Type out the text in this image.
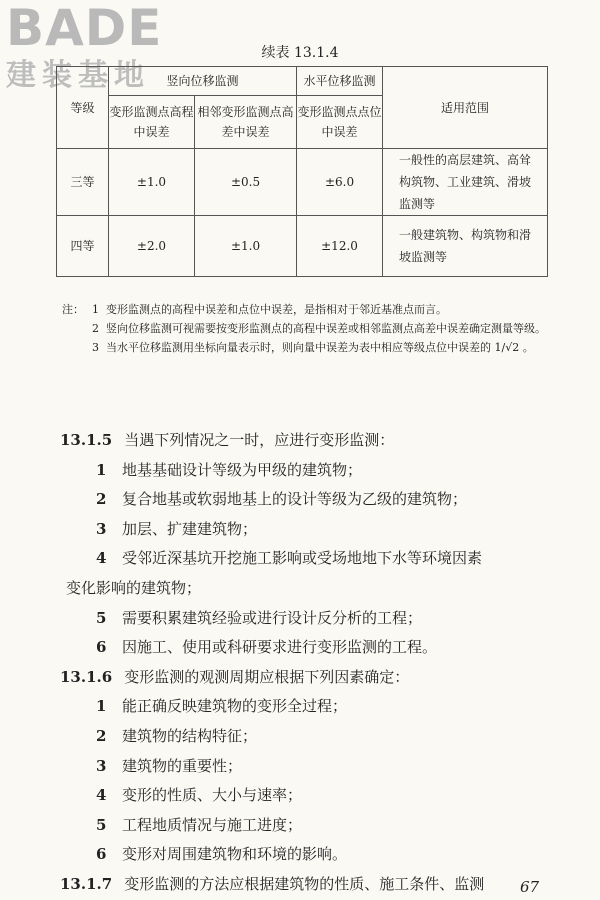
BADE
建装基地
续表 13.1.4
等级	竖向位移监测		水平位移监测	适用范围
	变形监测点高程中误差	相邻变形监测点高差中误差	变形监测点点位中误差	
三等	±1.0	±0.5	±6.0	一般性的高层建筑、高耸构筑物、工业建筑、滑坡监测等
四等	±2.0	±1.0	±12.0	一般建筑物、构筑物和滑坡监测等
注： 1 变形监测点的高程中误差和点位中误差，是指相对于邻近基准点而言。
2 竖向位移监测可视需要按变形监测点的高程中误差或相邻监测点高差中误差确定测量等级。
3 当水平位移监测用坐标向量表示时，则向量中误差为表中相应等级点位中误差的 1/√2 。
13.1.5 当遇下列情况之一时，应进行变形监测：
1 地基基础设计等级为甲级的建筑物；
2 复合地基或软弱地基上的设计等级为乙级的建筑物；
3 加层、扩建建筑物；
4 受邻近深基坑开挖施工影响或受场地地下水等环境因素
变化影响的建筑物；
5 需要积累建筑经验或进行设计反分析的工程；
6 因施工、使用或科研要求进行变形监测的工程。
13.1.6 变形监测的观测周期应根据下列因素确定：
1 能正确反映建筑物的变形全过程；
2 建筑物的结构特征；
3 建筑物的重要性；
4 变形的性质、大小与速率；
5 工程地质情况与施工进度；
6 变形对周围建筑物和环境的影响。
13.1.7 变形监测的方法应根据建筑物的性质、施工条件、监测	67
